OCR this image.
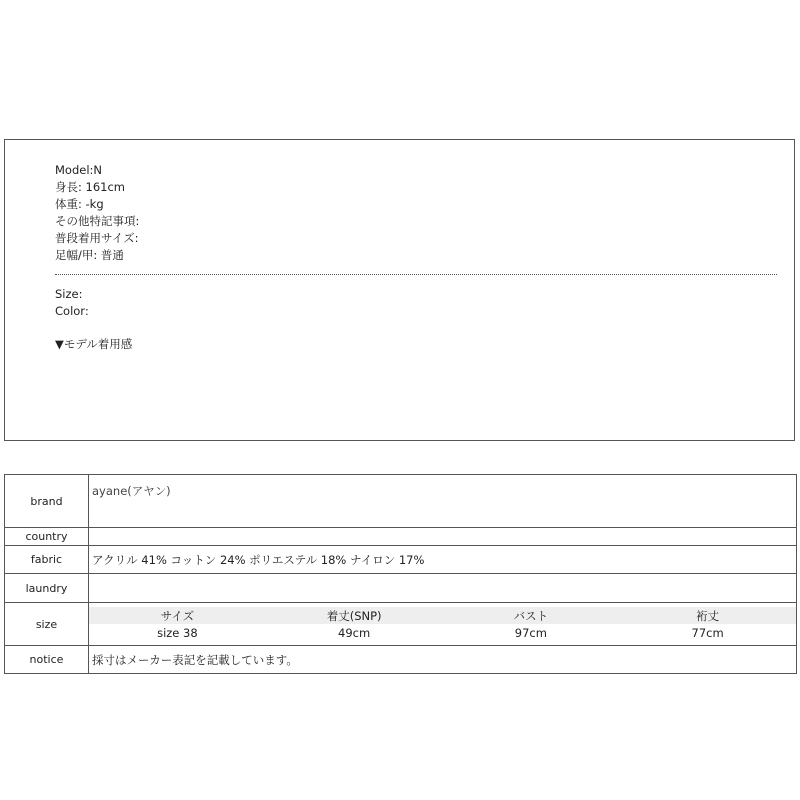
Model:N
身長: 161cm
体重: -kg
その他特記事項:
普段着用サイズ:
足幅/甲: 普通
Size:
Color:
▼モデル着用感
brand	ayane(アヤン)
country	
fabric	アクリル 41% コットン 24% ポリエステル 18% ナイロン 17%
laundry	
size	
サイズ	着丈(SNP)	バスト	裄丈
size 38	49cm	97cm	77cm

notice	採寸はメーカー表記を記載しています。
